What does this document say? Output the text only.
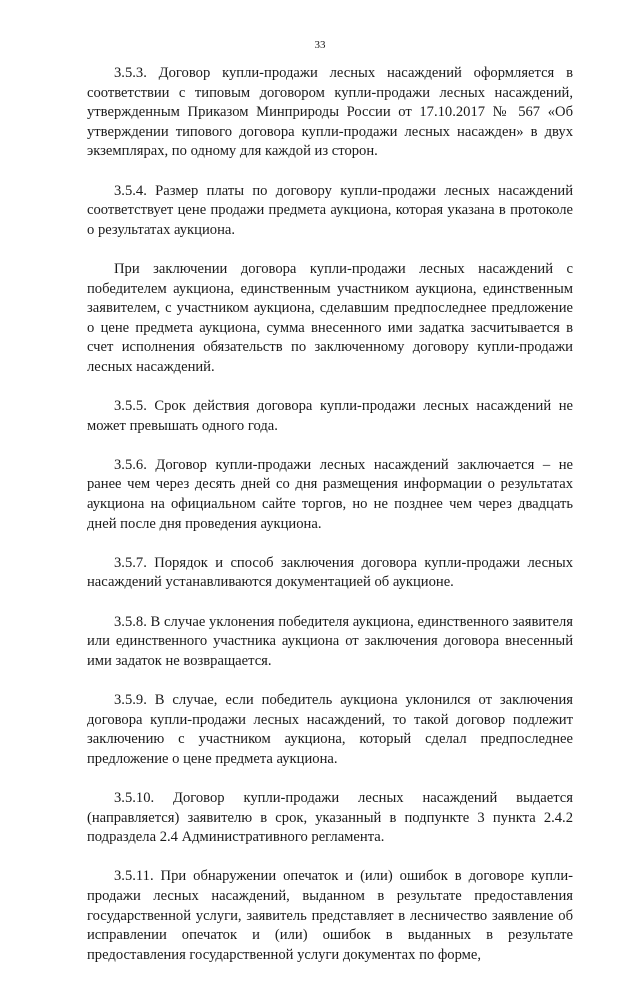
33

3.5.3. Договор купли-продажи лесных насаждений оформляется в соответствии с типовым договором купли-продажи лесных насаждений, утвержденным Приказом Минприроды России от 17.10.2017 № 567 «Об утверждении типового договора купли-продажи лесных насажден» в двух экземплярах, по одному для каждой из сторон.

3.5.4. Размер платы по договору купли-продажи лесных насаждений соответствует цене продажи предмета аукциона, которая указана в протоколе о результатах аукциона.

При заключении договора купли-продажи лесных насаждений с победителем аукциона, единственным участником аукциона, единственным заявителем, с участником аукциона, сделавшим предпоследнее предложение о цене предмета аукциона, сумма внесенного ими задатка засчитывается в счет исполнения обязательств по заключенному договору купли-продажи лесных насаждений.

3.5.5. Срок действия договора купли-продажи лесных насаждений не может превышать одного года.

3.5.6. Договор купли-продажи лесных насаждений заключается – не ранее чем через десять дней со дня размещения информации о результатах аукциона на официальном сайте торгов, но не позднее чем через двадцать дней после дня проведения аукциона.

3.5.7. Порядок и способ заключения договора купли-продажи лесных насаждений устанавливаются документацией об аукционе.

3.5.8. В случае уклонения победителя аукциона, единственного заявителя или единственного участника аукциона от заключения договора внесенный ими задаток не возвращается.

3.5.9. В случае, если победитель аукциона уклонился от заключения договора купли-продажи лесных насаждений, то такой договор подлежит заключению с участником аукциона, который сделал предпоследнее предложение о цене предмета аукциона.

3.5.10. Договор купли-продажи лесных насаждений выдается (направляется) заявителю в срок, указанный в подпункте 3 пункта 2.4.2 подраздела 2.4 Административного регламента.

3.5.11. При обнаружении опечаток и (или) ошибок в договоре купли-продажи лесных насаждений, выданном в результате предоставления государственной услуги, заявитель представляет в лесничество заявление об исправлении опечаток и (или) ошибок в выданных в результате предоставления государственной услуги документах по форме,
